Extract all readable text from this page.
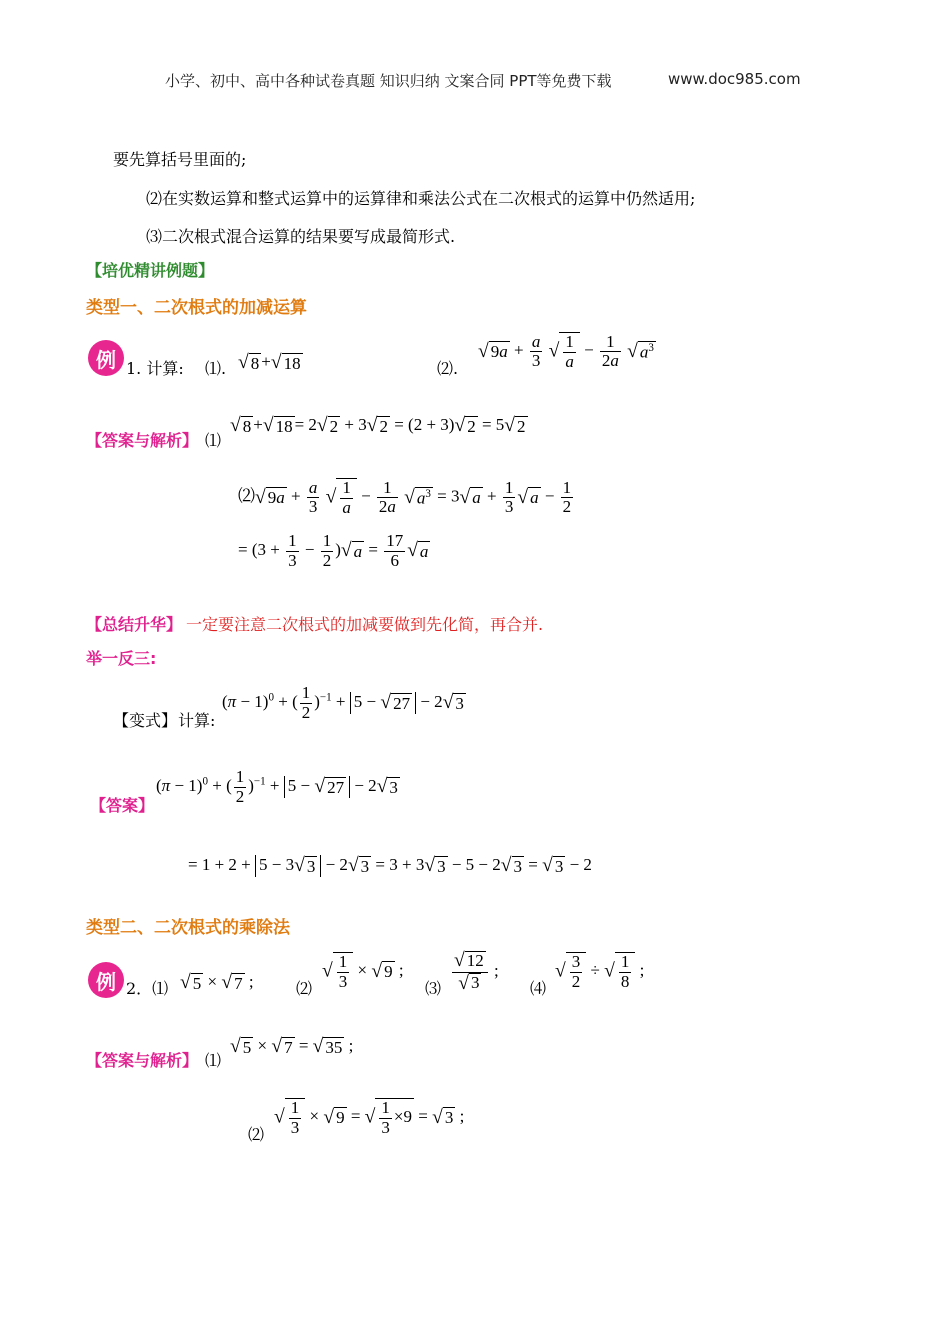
小学、初中、高中各种试卷真题 知识归纳 文案合同 PPT等免费下载	www.doc985.com
要先算括号里面的;
⑵在实数运算和整式运算中的运算律和乘法公式在二次根式的运算中仍然适用;
⑶二次根式混合运算的结果要写成最简形式.
【培优精讲例题】
类型一、二次根式的加减运算
例 1. 计算: ⑴. √ 8 +√ 18	⑵.
√ $9a + \frac{a}{3}$ √ $\frac{1}{a} - \frac{1}{2a}$ √ $a^3$
【答案与解析】 ⑴
√ 8 +√ 18 = 2√ 2 + 3√ 2 = (2 + 3)√ 2 = 5√ 2
⑵√ $9a + \frac{a}{3}$ √ $\frac{1}{a} - \frac{1}{2a}$ √ $a^3 = 3√$ $a + \frac{1}{3}$ √ $a - \frac{1}{2}$
= ($3 + \frac{1}{3} - \frac{1}{2}$ )√ $a = \frac{17}{6}$ √ a
【总结升华】 一定要注意二次根式的加减要做到先化简，再合并.
举一反三:
【变式】 计算:
$(\pi - 1)^0$ + ( $\frac{1}{2} )^{-1} + 5$ − √ 27 − 2√ 3
【答案】
$(\pi - 1)^0$ + ( $\frac{1}{2} )^{-1} + 5$ − √ 27 − 2√ 3
= 1 + 2 + 5 − 3√ 3 − 2√ 3 = 3 + 3√ 3 − 5 − 2√ 3 = √ 3 − 2
类型二、二次根式的乘除法
例 2．⑴ √ 5 × √ 7 ;	⑵
√ $\frac{1}{3}$ × √ 9 ;
⑶ $\frac{√ 12}{√ 3}$ ;
⑷
√ $\frac{3}{2}$ ÷ √ $\frac{1}{8}$ ;
【答案与解析】 ⑴
√ 5 × √ 7 = √ 35 ;
⑵
√ $\frac{1}{3}$ × √ 9 = √ $\frac{1}{3} \times 9$ = √ 3 ;
